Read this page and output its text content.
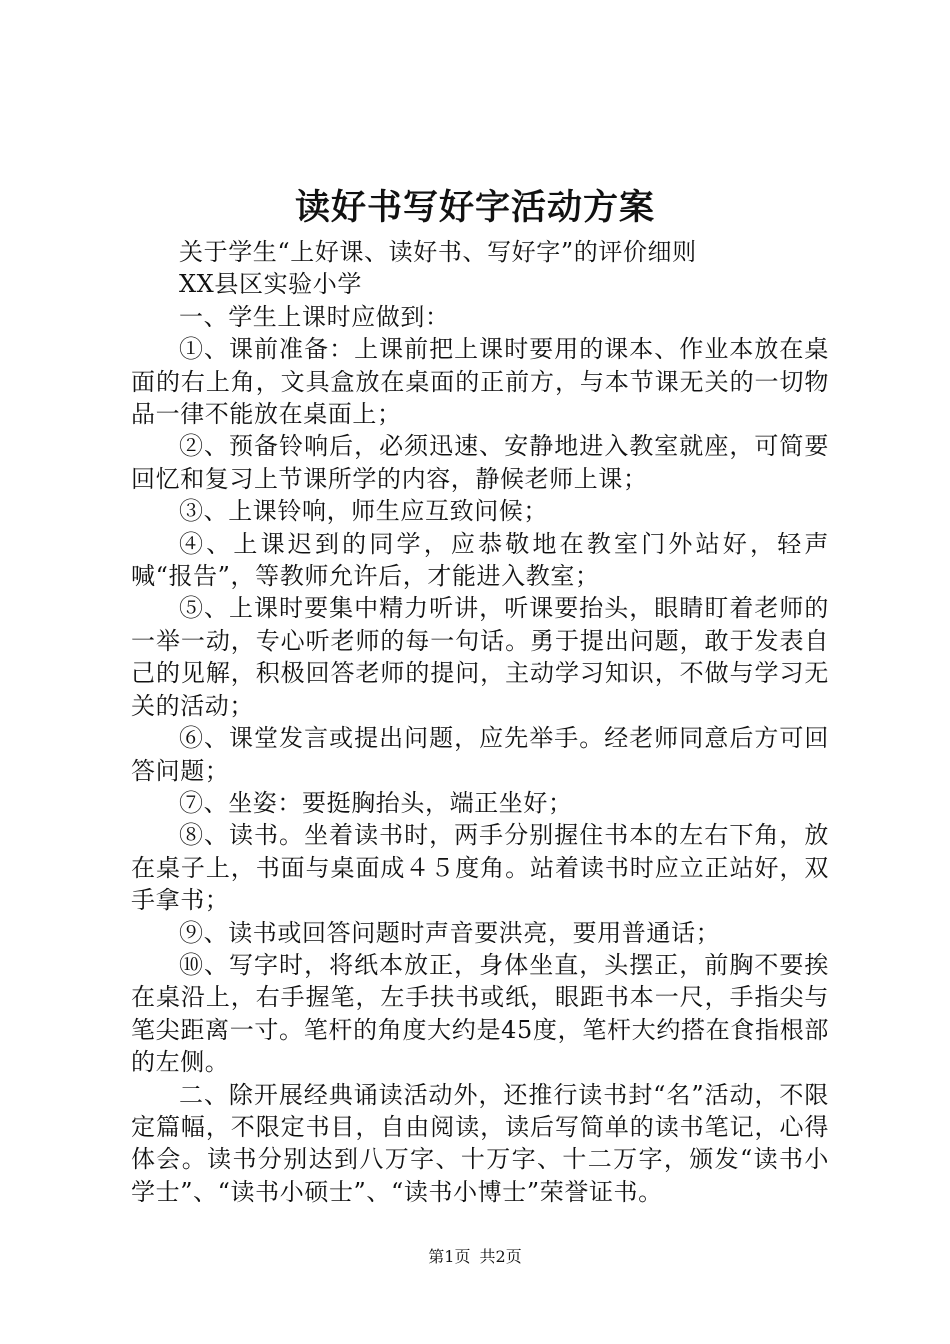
读好书写好字活动方案

关于学生“上好课、读好书、写好字”的评价细则

XX县区实验小学

一、学生上课时应做到：

①、课前准备：上课前把上课时要用的课本、作业本放在桌面的右上角，文具盒放在桌面的正前方，与本节课无关的一切物品一律不能放在桌面上；

②、预备铃响后，必须迅速、安静地进入教室就座，可简要回忆和复习上节课所学的内容，静候老师上课；

③、上课铃响，师生应互致问候；

④、上课迟到的同学，应恭敬地在教室门外站好，轻声喊“报告”，等教师允许后，才能进入教室；

⑤、上课时要集中精力听讲，听课要抬头，眼睛盯着老师的一举一动，专心听老师的每一句话。勇于提出问题，敢于发表自己的见解，积极回答老师的提问，主动学习知识，不做与学习无关的活动；

⑥、课堂发言或提出问题，应先举手。经老师同意后方可回答问题；

⑦、坐姿：要挺胸抬头，端正坐好；

⑧、读书。坐着读书时，两手分别握住书本的左右下角，放在桌子上，书面与桌面成４５度角。站着读书时应立正站好，双手拿书；

⑨、读书或回答问题时声音要洪亮，要用普通话；

⑩、写字时，将纸本放正，身体坐直，头摆正，前胸不要挨在桌沿上，右手握笔，左手扶书或纸，眼距书本一尺，手指尖与笔尖距离一寸。笔杆的角度大约是45度，笔杆大约搭在食指根部的左侧。

二、除开展经典诵读活动外，还推行读书封“名”活动，不限定篇幅，不限定书目，自由阅读，读后写简单的读书笔记，心得体会。读书分别达到八万字、十万字、十二万字，颁发“读书小学士”、“读书小硕士”、“读书小博士”荣誉证书。

第1页 共2页
